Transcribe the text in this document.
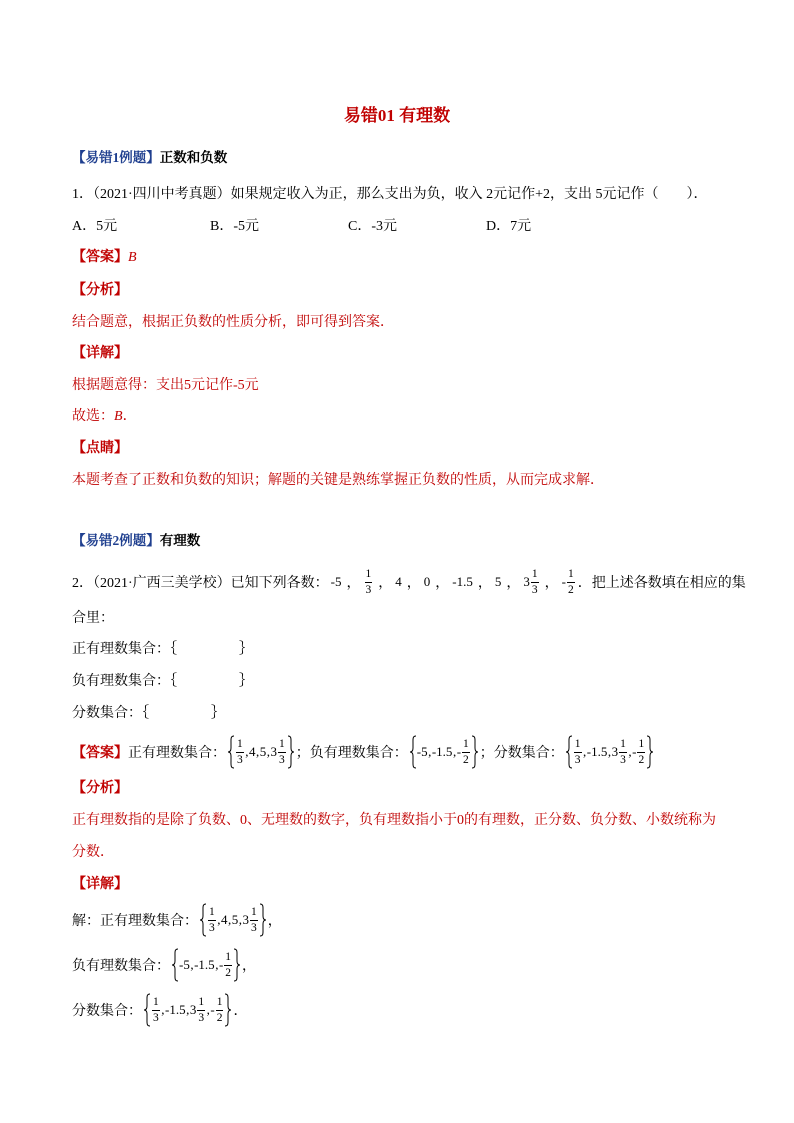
易错01 有理数
【易错1例题】正数和负数
1．（2021·四川中考真题）如果规定收入为正，那么支出为负，收入 2元记作+2，支出 5元记作（　　）．
A．5元	B．-5元	C．-3元	D．7元
【答案】B
【分析】
结合题意，根据正负数的性质分析，即可得到答案．
【详解】
根据题意得：支出5元记作-5元
故选：B．
【点睛】
本题考查了正数和负数的知识；解题的关键是熟练掌握正负数的性质，从而完成求解．
【易错2例题】有理数
2．（2021·广西三美学校）已知下列各数： -5 ， $\frac{1}{3}$ ， 4 ， 0 ， -1.5 ， 5 ， $3 \frac{1}{3}$ ， - $\frac{1}{2}$ ．把上述各数填在相应的集
合里：
正有理数集合：｛	｝
负有理数集合：｛	｝
分数集合：｛	｝
【答案】 正有理数集合： $\frac{1}{3}$ , 4 , 5 , $3 \frac{1}{3}$ ；负有理数集合： -5 , -1.5 , - $\frac{1}{2}$ ；分数集合： $\frac{1}{3}$ , -1.5 , $3 \frac{1}{3}$ , - $\frac{1}{2}$
【分析】
正有理数指的是除了负数、0、无理数的数字，负有理数指小于0的有理数，正分数、负分数、小数统称为
分数．
【详解】
解：正有理数集合： $\frac{1}{3}$ , 4 , 5 , $3 \frac{1}{3}$ ，
负有理数集合： -5 , -1.5 , - $\frac{1}{2}$ ，
分数集合： $\frac{1}{3}$ , -1.5 , $3 \frac{1}{3}$ , - $\frac{1}{2}$ ．
